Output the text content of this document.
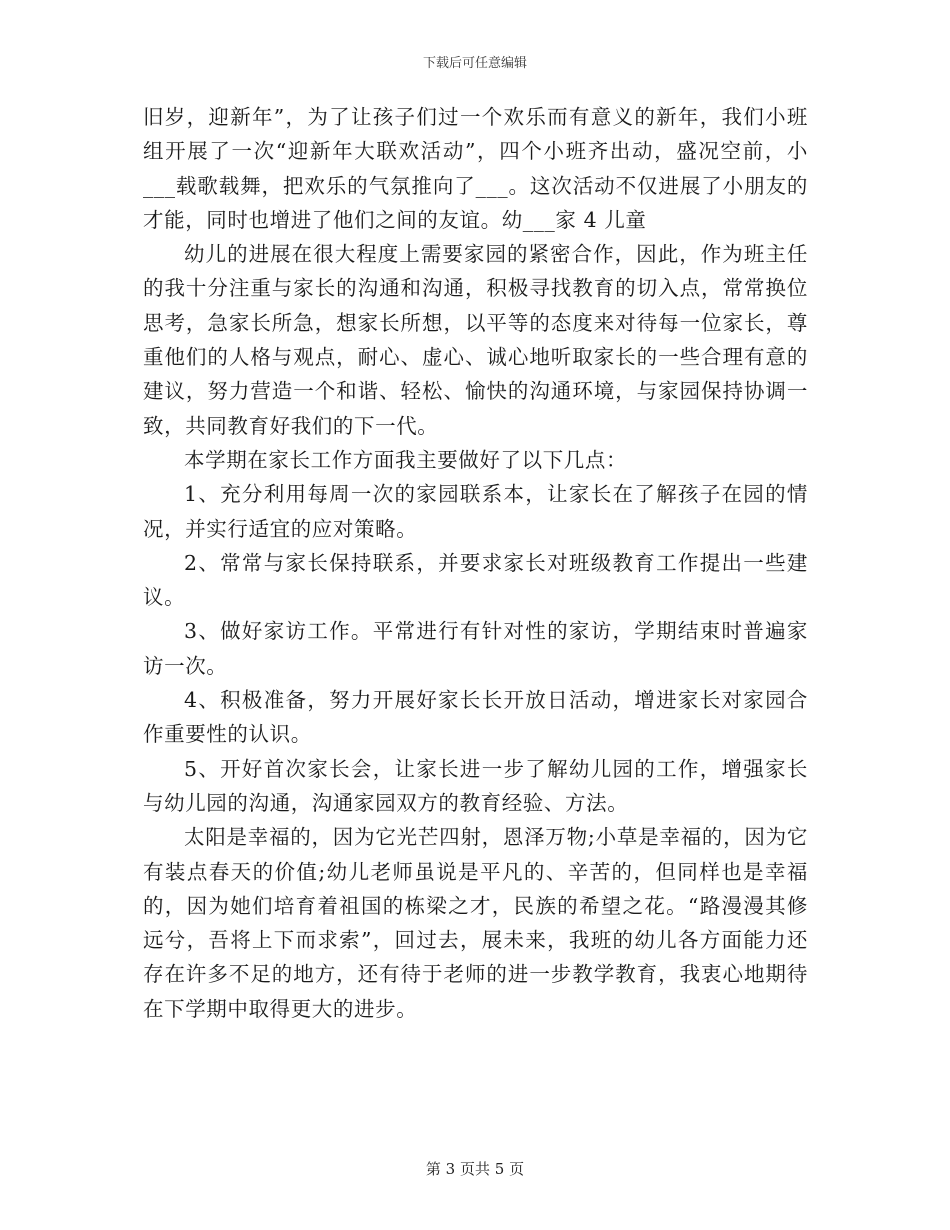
下载后可任意编辑

旧岁，迎新年”，为了让孩子们过一个欢乐而有意义的新年，我们小班组开展了一次“迎新年大联欢活动”，四个小班齐出动，盛况空前，小___载歌载舞，把欢乐的气氛推向了___。这次活动不仅进展了小朋友的才能，同时也增进了他们之间的友谊。幼___家 4 儿童

幼儿的进展在很大程度上需要家园的紧密合作，因此，作为班主任的我十分注重与家长的沟通和沟通，积极寻找教育的切入点，常常换位思考，急家长所急，想家长所想，以平等的态度来对待每一位家长，尊重他们的人格与观点，耐心、虚心、诚心地听取家长的一些合理有意的建议，努力营造一个和谐、轻松、愉快的沟通环境，与家园保持协调一致，共同教育好我们的下一代。

本学期在家长工作方面我主要做好了以下几点：

1、充分利用每周一次的家园联系本，让家长在了解孩子在园的情况，并实行适宜的应对策略。

2、常常与家长保持联系，并要求家长对班级教育工作提出一些建议。

3、做好家访工作。平常进行有针对性的家访，学期结束时普遍家访一次。

4、积极准备，努力开展好家长长开放日活动，增进家长对家园合作重要性的认识。

5、开好首次家长会，让家长进一步了解幼儿园的工作，增强家长与幼儿园的沟通，沟通家园双方的教育经验、方法。

太阳是幸福的，因为它光芒四射，恩泽万物;小草是幸福的，因为它有装点春天的价值;幼儿老师虽说是平凡的、辛苦的，但同样也是幸福的，因为她们培育着祖国的栋梁之才，民族的希望之花。“路漫漫其修远兮，吾将上下而求索”，回过去，展未来，我班的幼儿各方面能力还存在许多不足的地方，还有待于老师的进一步教学教育，我衷心地期待在下学期中取得更大的进步。

第 3 页共 5 页
